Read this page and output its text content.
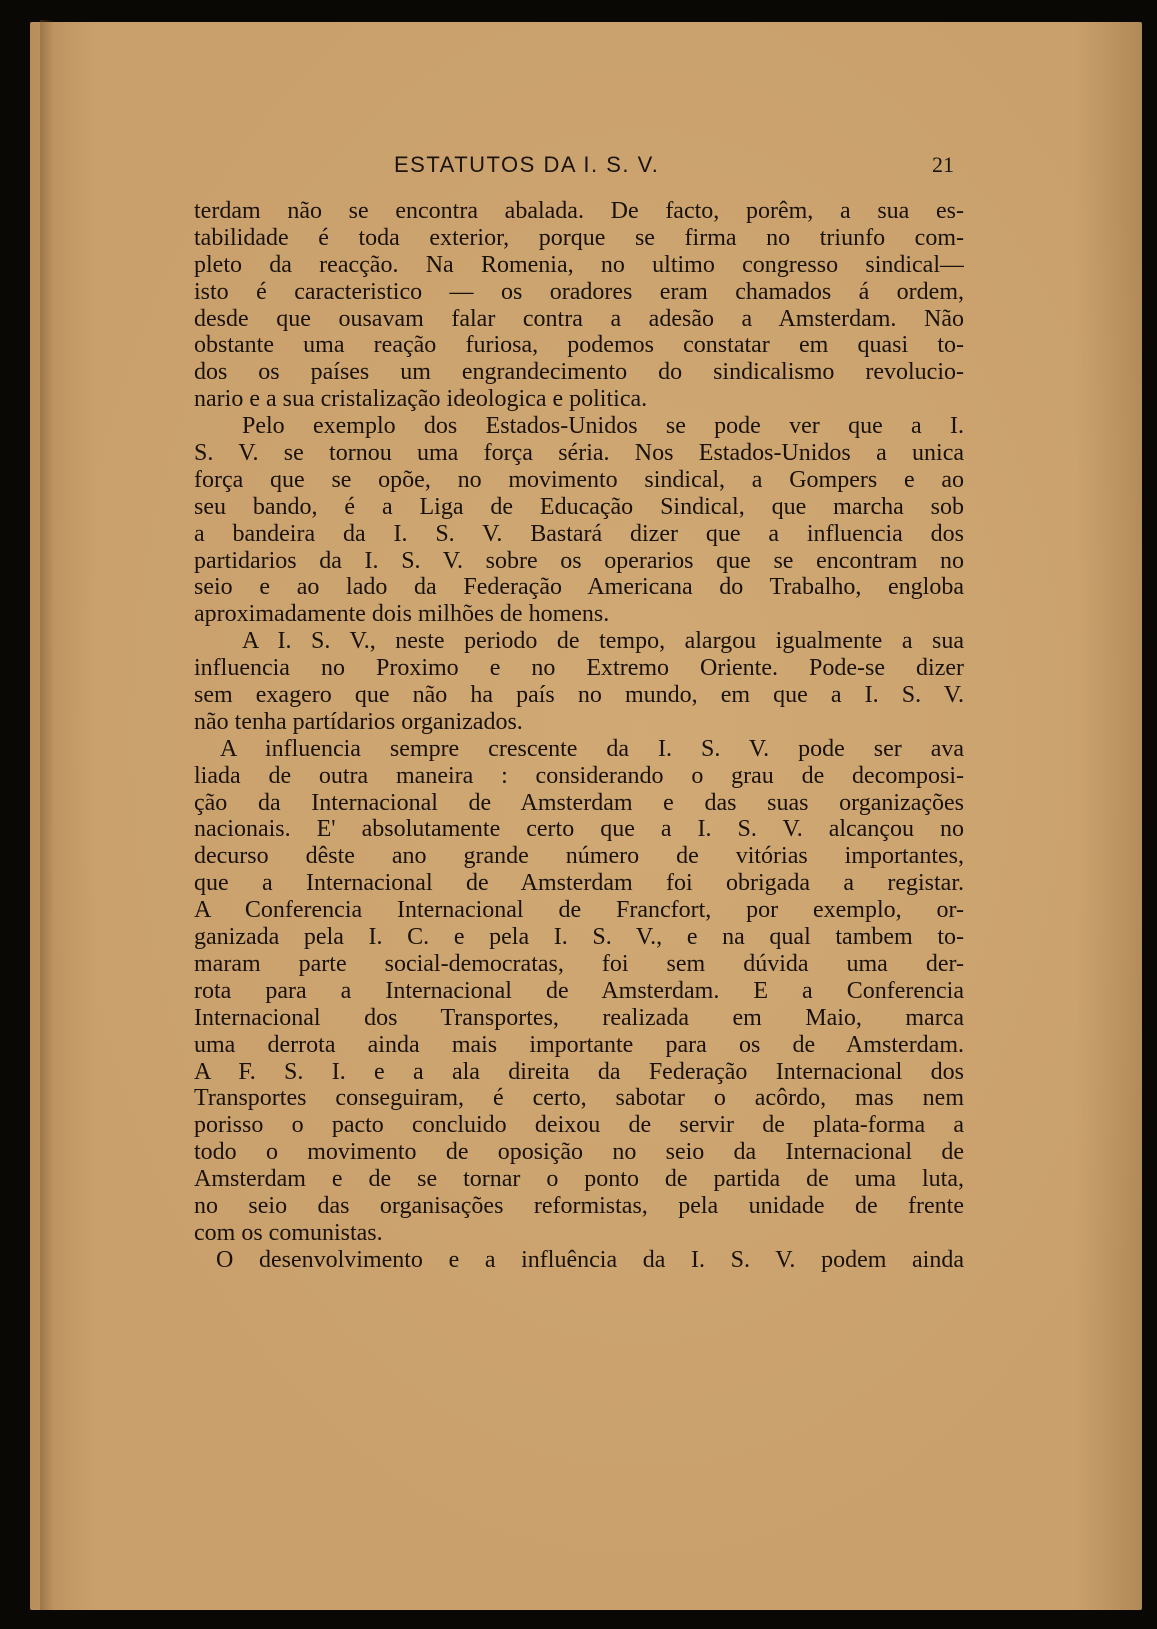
ESTATUTOS DA I. S. V.	21
terdam não se encontra abalada. De facto, porêm, a sua es-
tabilidade é toda exterior, porque se firma no triunfo com-
pleto da reacção. Na Romenia, no ultimo congresso sindical—
isto é caracteristico — os oradores eram chamados á ordem,
desde que ousavam falar contra a adesão a Amsterdam. Não
obstante uma reação furiosa, podemos constatar em quasi to-
dos os países um engrandecimento do sindicalismo revolucio-
nario e a sua cristalização ideologica e politica.
Pelo exemplo dos Estados-Unidos se pode ver que a I.
S. V. se tornou uma força séria. Nos Estados-Unidos a unica
força que se opõe, no movimento sindical, a Gompers e ao
seu bando, é a Liga de Educação Sindical, que marcha sob
a bandeira da I. S. V. Bastará dizer que a influencia dos
partidarios da I. S. V. sobre os operarios que se encontram no
seio e ao lado da Federação Americana do Trabalho, engloba
aproximadamente dois milhões de homens.
A I. S. V., neste periodo de tempo, alargou igualmente a sua
influencia no Proximo e no Extremo Oriente. Pode-se dizer
sem exagero que não ha país no mundo, em que a I. S. V.
não tenha partídarios organizados.
A influencia sempre crescente da I. S. V. pode ser ava
liada de outra maneira : considerando o grau de decomposi-
ção da Internacional de Amsterdam e das suas organizações
nacionais. E' absolutamente certo que a I. S. V. alcançou no
decurso dêste ano grande número de vitórias importantes,
que a Internacional de Amsterdam foi obrigada a registar.
A Conferencia Internacional de Francfort, por exemplo, or-
ganizada pela I. C. e pela I. S. V., e na qual tambem to-
maram parte social-democratas, foi sem dúvida uma der-
rota para a Internacional de Amsterdam. E a Conferencia
Internacional dos Transportes, realizada em Maio, marca
uma derrota ainda mais importante para os de Amsterdam.
A F. S. I. e a ala direita da Federação Internacional dos
Transportes conseguiram, é certo, sabotar o acôrdo, mas nem
porisso o pacto concluido deixou de servir de plata-forma a
todo o movimento de oposição no seio da Internacional de
Amsterdam e de se tornar o ponto de partida de uma luta,
no seio das organisações reformistas, pela unidade de frente
com os comunistas.
O desenvolvimento e a influência da I. S. V. podem ainda
